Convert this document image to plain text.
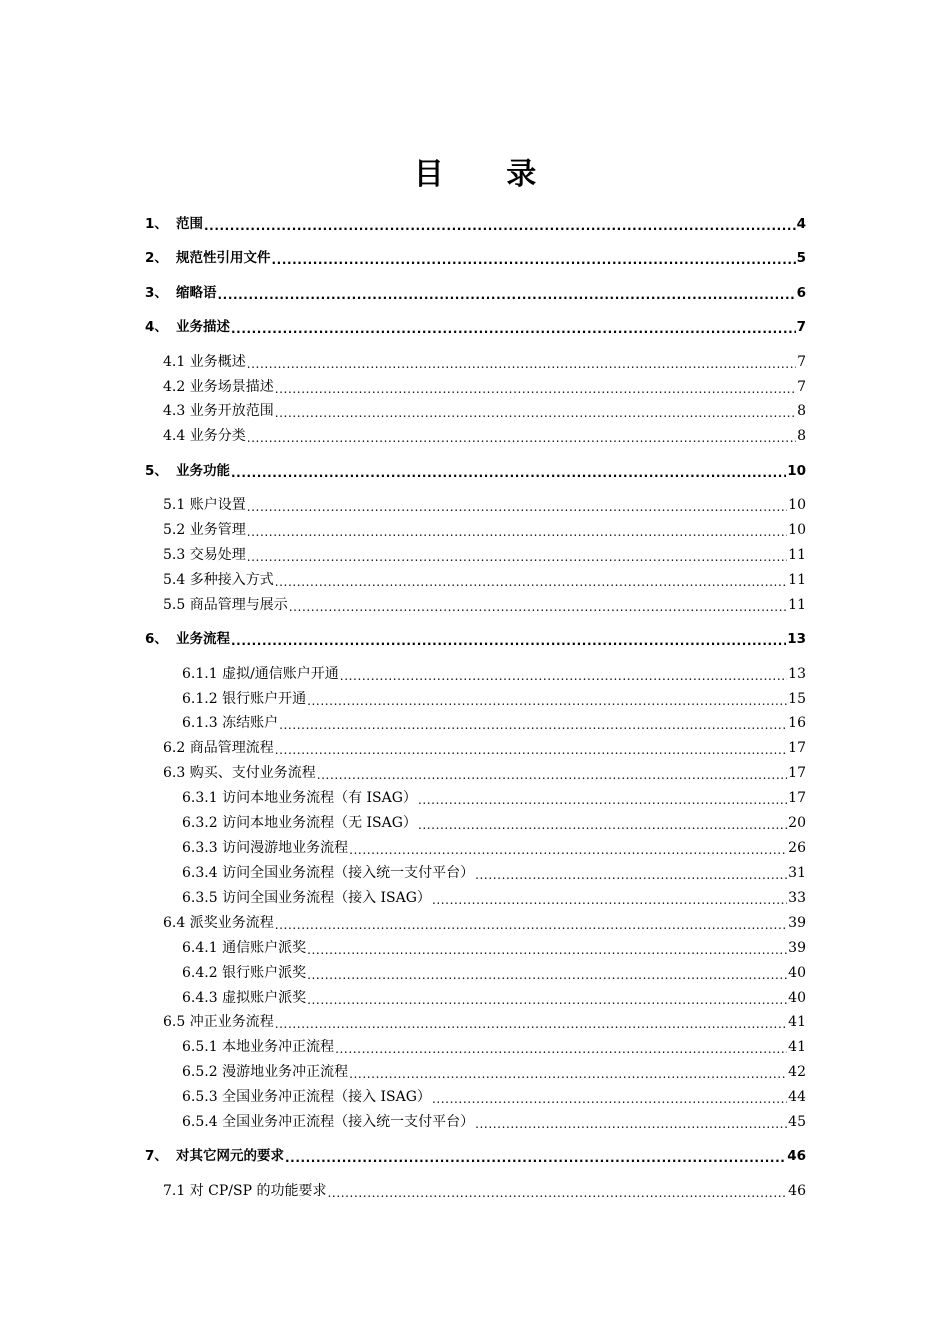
目 录
1、 范围 .....	4
2、 规范性引用文件 .....	5
3、 缩略语 .....	6
4、 业务描述 .....	7
4.1 业务概述 .....	7
4.2 业务场景描述 .....	7
4.3 业务开放范围 .....	8
4.4 业务分类 .....	8
5、 业务功能 .....	10
5.1 账户设置 .....	10
5.2 业务管理 .....	10
5.3 交易处理 .....	11
5.4 多种接入方式 .....	11
5.5 商品管理与展示 .....	11
6、 业务流程 .....	13
6.1.1 虚拟/通信账户开通 .....	13
6.1.2 银行账户开通 .....	15
6.1.3 冻结账户 .....	16
6.2 商品管理流程 .....	17
6.3 购买、支付业务流程 .....	17
6.3.1 访问本地业务流程（有 ISAG） .....	17
6.3.2 访问本地业务流程（无 ISAG） .....	20
6.3.3 访问漫游地业务流程 .....	26
6.3.4 访问全国业务流程（接入统一支付平台） .....	31
6.3.5 访问全国业务流程（接入 ISAG） .....	33
6.4 派奖业务流程 .....	39
6.4.1 通信账户派奖 .....	39
6.4.2 银行账户派奖 .....	40
6.4.3 虚拟账户派奖 .....	40
6.5 冲正业务流程 .....	41
6.5.1 本地业务冲正流程 .....	41
6.5.2 漫游地业务冲正流程 .....	42
6.5.3 全国业务冲正流程（接入 ISAG） .....	44
6.5.4 全国业务冲正流程（接入统一支付平台） .....	45
7、 对其它网元的要求 .....	46
7.1 对 CP/SP 的功能要求 .....	46
